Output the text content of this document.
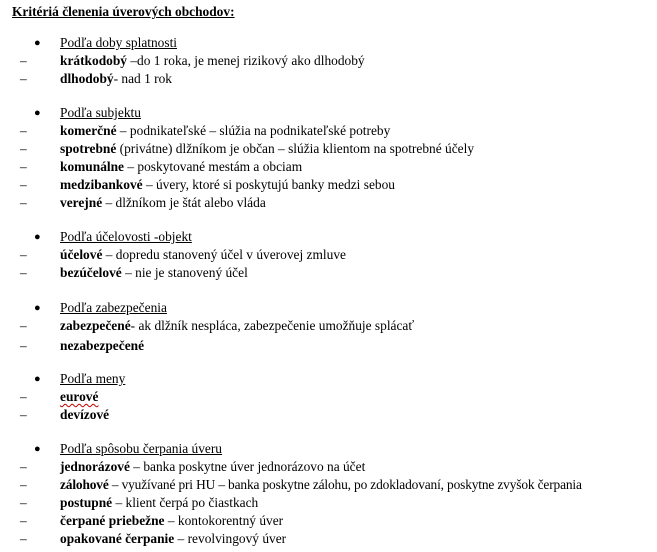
Kritériá členenia úverových obchodov:
● Podľa doby splatnosti
– krátkodobý –do 1 roka, je menej rizikový ako dlhodobý
– dlhodobý- nad 1 rok
● Podľa subjektu
– komerčné – podnikateľské – slúžia na podnikateľské potreby
– spotrebné (privátne) dlžníkom je občan – slúžia klientom na spotrebné účely
– komunálne – poskytované mestám a obciam
– medzibankové – úvery, ktoré si poskytujú banky medzi sebou
– verejné – dlžníkom je štát alebo vláda
● Podľa účelovosti -objekt
– účelové – dopredu stanovený účel v úverovej zmluve
– bezúčelové – nie je stanovený účel
● Podľa zabezpečenia
– zabezpečené- ak dlžník nespláca, zabezpečenie umožňuje splácať
– nezabezpečené
● Podľa meny
– eurové
– devízové
● Podľa spôsobu čerpania úveru
– jednorázové – banka poskytne úver jednorázovo na účet
– zálohové – využívané pri HU – banka poskytne zálohu, po zdokladovaní, poskytne zvyšok čerpania
– postupné – klient čerpá po čiastkach
– čerpané priebežne – kontokorentný úver
– opakované čerpanie – revolvingový úver
